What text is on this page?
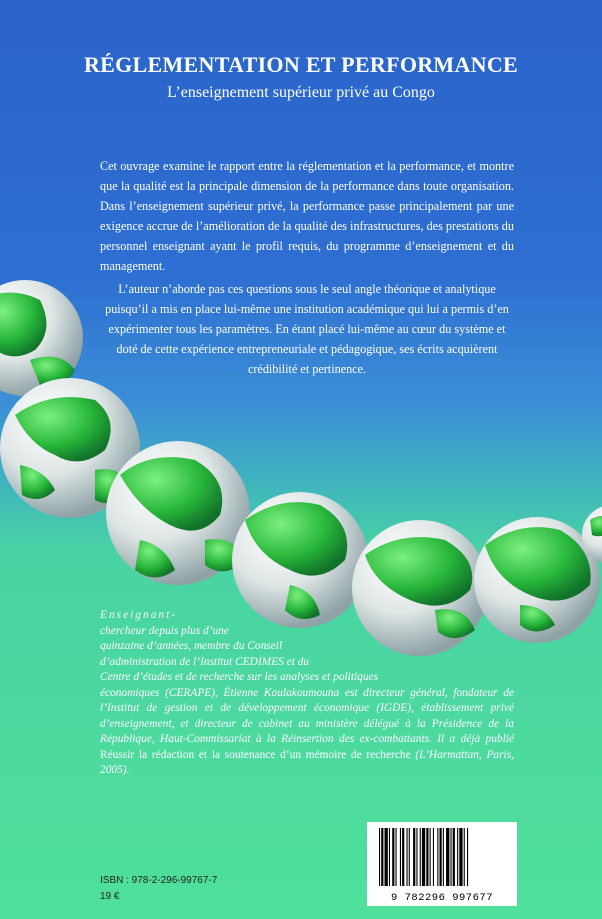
RÉGLEMENTATION ET PERFORMANCE
L’enseignement supérieur privé au Congo
Cet ouvrage examine le rapport entre la réglementation et la performance, et montre que la qualité est la principale dimension de la performance dans toute organisation. Dans l’enseignement supérieur privé, la performance passe principalement par une exigence accrue de l’amélioration de la qualité des infrastructures, des prestations du personnel enseignant ayant le profil requis, du programme d’enseignement et du management.
L’auteur n’aborde pas ces questions sous le seul angle théorique et analytique puisqu’il a mis en place lui-même une institution académique qui lui a permis d’en expérimenter tous les paramètres. En étant placé lui-même au cœur du système et doté de cette expérience entrepreneuriale et pédagogique, ses écrits acquièrent crédibilité et pertinence.
Enseignant-
chercheur depuis plus d’une
quinzaine d’années, membre du Conseil
d’administration de l’Institut CEDIMES et du
Centre d’études et de recherche sur les analyses et politiques
économiques (CERAPE), Étienne Koulakoumouna est directeur général, fondateur de l’Institut de gestion et de développement économique (IGDE), établissement privé d’enseignement, et directeur de cabinet au ministère délégué à la Présidence de la République, Haut-Commissariat à la Réinsertion des ex-combattants. Il a déjà publié Réussir la rédaction et la soutenance d’un mémoire de recherche (L’Harmattan, Paris, 2005).
ISBN : 978-2-296-99767-7
19 €	9 782296 997677
